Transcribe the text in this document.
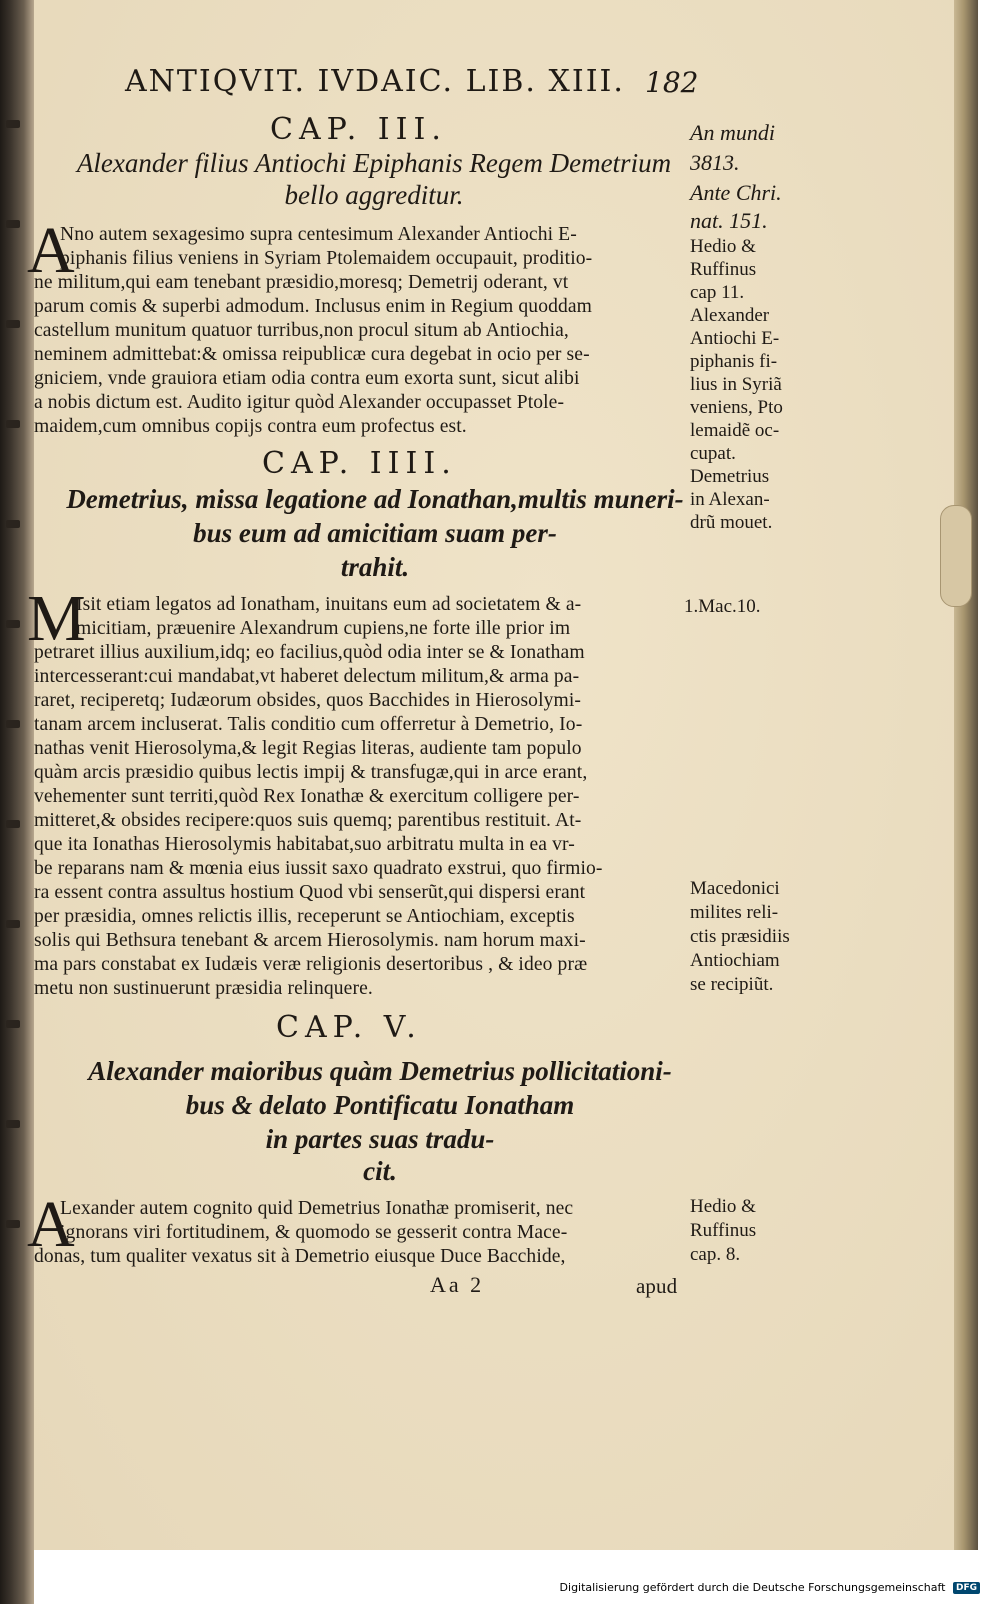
ANTIQVIT. IVDAIC. LIB. XIII. 182
CAP. III.
Alexander filius Antiochi Epiphanis Regem Demetrium
bello aggreditur.
A
Nno autem sexagesimo supra centesimum Alexander Antiochi E-
piphanis filius veniens in Syriam Ptolemaidem occupauit, proditio-
ne militum,qui eam tenebant præsidio,moresq; Demetrij oderant, vt
parum comis & superbi admodum. Inclusus enim in Regium quoddam
castellum munitum quatuor turribus,non procul situm ab Antiochia,
neminem admittebat:& omissa reipublicæ cura degebat in ocio per se-
gniciem, vnde grauiora etiam odia contra eum exorta sunt, sicut alibi
a nobis dictum est. Audito igitur quòd Alexander occupasset Ptole-
maidem,cum omnibus copijs contra eum profectus est.
CAP. IIII.
Demetrius, missa legatione ad Ionathan,multis muneri-
bus eum ad amicitiam suam per-
trahit.
M
Isit etiam legatos ad Ionatham, inuitans eum ad societatem & a-
micitiam, præuenire Alexandrum cupiens,ne forte ille prior im
petraret illius auxilium,idq; eo facilius,quòd odia inter se & Ionatham
intercesserant:cui mandabat,vt haberet delectum militum,& arma pa-
raret, reciperetq; Iudæorum obsides, quos Bacchides in Hierosolymi-
tanam arcem incluserat. Talis conditio cum offerretur à Demetrio, Io-
nathas venit Hierosolyma,& legit Regias literas, audiente tam populo
quàm arcis præsidio quibus lectis impij & transfugæ,qui in arce erant,
vehementer sunt territi,quòd Rex Ionathæ & exercitum colligere per-
mitteret,& obsides recipere:quos suis quemq; parentibus restituit. At-
que ita Ionathas Hierosolymis habitabat,suo arbitratu multa in ea vr-
be reparans nam & mœnia eius iussit saxo quadrato exstrui, quo firmio-
ra essent contra assultus hostium Quod vbi senserũt,qui dispersi erant
per præsidia, omnes relictis illis, receperunt se Antiochiam, exceptis
solis qui Bethsura tenebant & arcem Hierosolymis. nam horum maxi-
ma pars constabat ex Iudæis veræ religionis desertoribus , & ideo præ
metu non sustinuerunt præsidia relinquere.
CAP. V.
Alexander maioribus quàm Demetrius pollicitationi-
bus & delato Pontificatu Ionatham
in partes suas tradu-
cit.
A
Lexander autem cognito quid Demetrius Ionathæ promiserit, nec
ignorans viri fortitudinem, & quomodo se gesserit contra Mace-
donas, tum qualiter vexatus sit à Demetrio eiusque Duce Bacchide,
Aa 2	apud
An mundi
3813.
Ante Chri.
nat. 151.
Hedio &
Ruffinus
cap 11.
Alexander
Antiochi E-
piphanis fi-
lius in Syriã
veniens, Pto
lemaidẽ oc-
cupat.
Demetrius
in Alexan-
drũ mouet.
1.Mac.10.
Macedonici
milites reli-
ctis præsidiis
Antiochiam
se recipiũt.
Hedio &
Ruffinus
cap. 8.
Digitalisierung gefördert durch die Deutsche Forschungsgemeinschaft DFG
